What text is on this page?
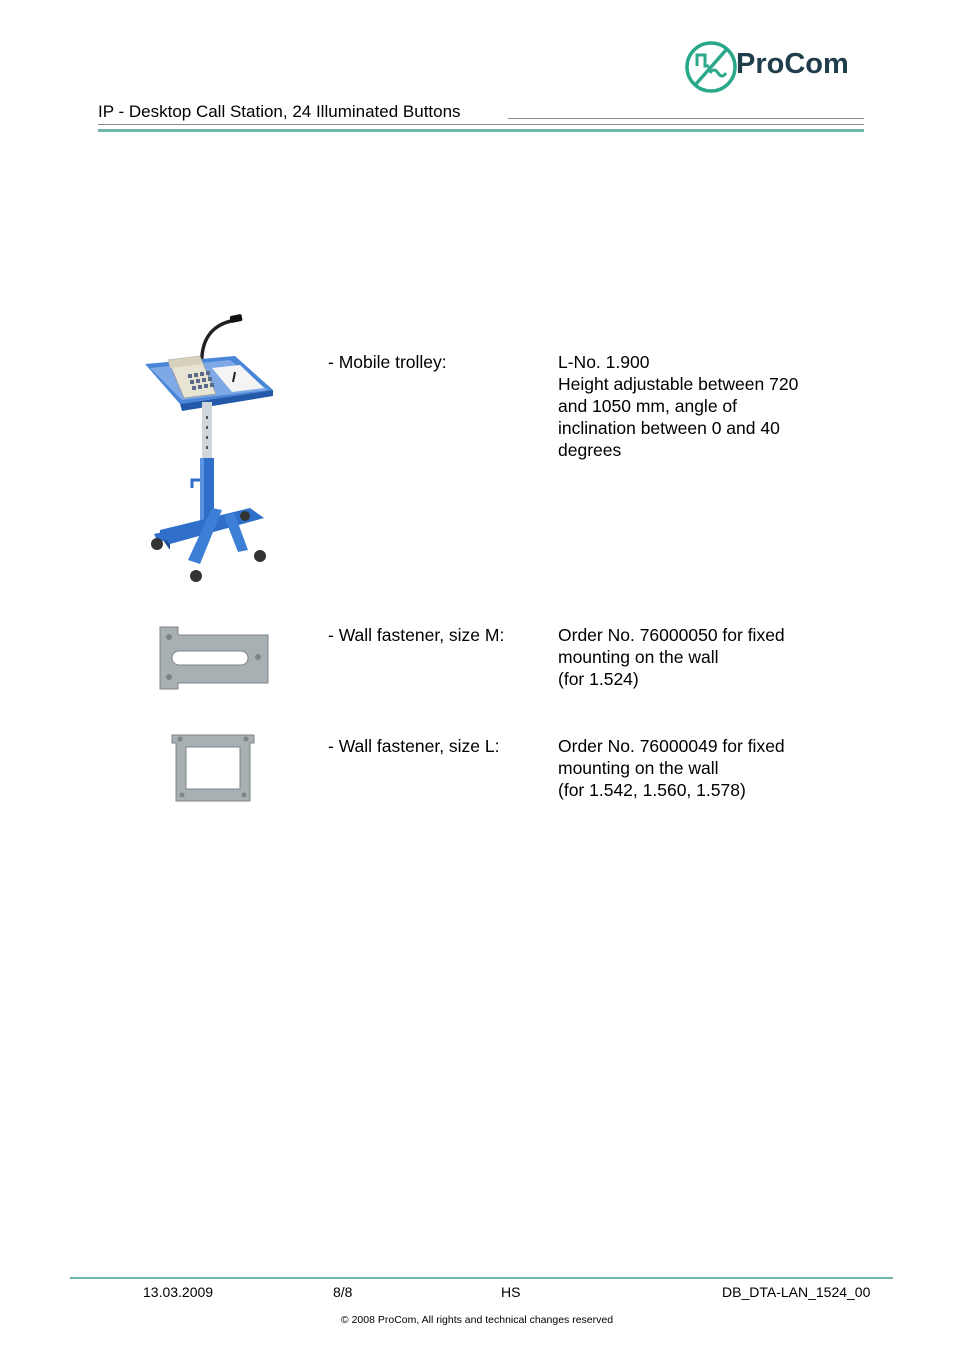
ProCom
IP - Desktop Call Station, 24 Illuminated Buttons
- Mobile trolley:	L-No. 1.900
Height adjustable between 720
and 1050 mm, angle of
inclination between 0 and 40
degrees
- Wall fastener, size M:	Order No. 76000050 for fixed
mounting on the wall
(for 1.524)
- Wall fastener, size L:	Order No. 76000049 for fixed
mounting on the wall
(for 1.542, 1.560, 1.578)
13.03.2009	8/8	HS	DB_DTA-LAN_1524_00
© 2008 ProCom, All rights and technical changes reserved
